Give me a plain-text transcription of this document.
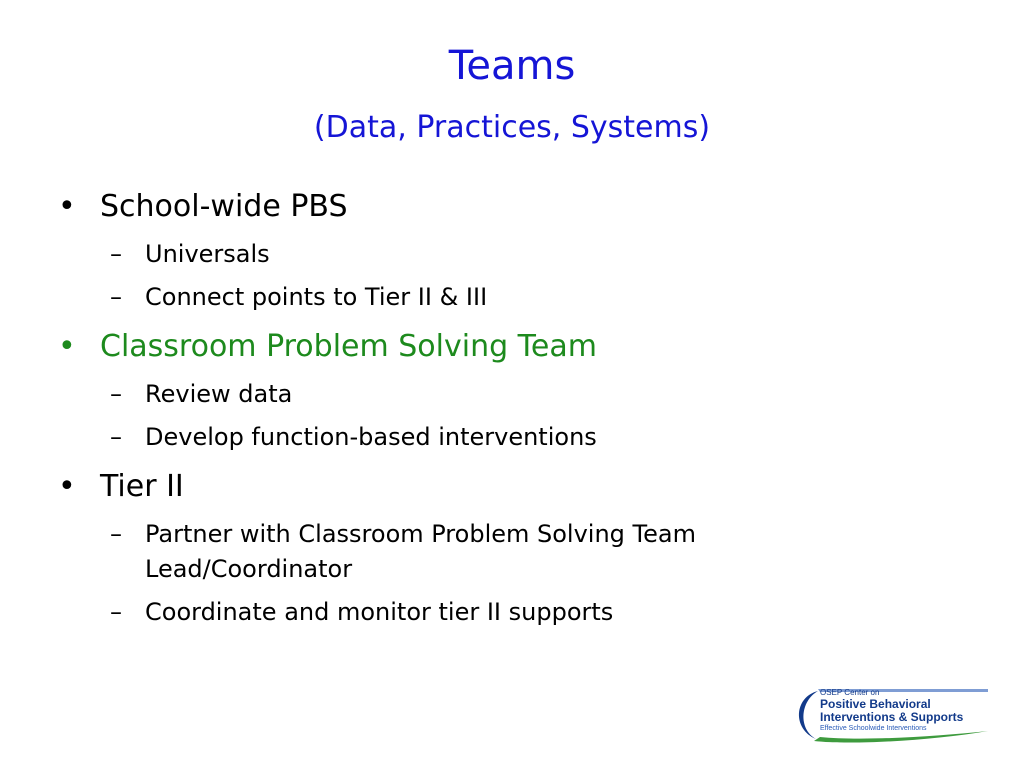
Teams
(Data, Practices, Systems)
• School-wide PBS
– Universals
– Connect points to Tier II & III
• Classroom Problem Solving Team
– Review data
– Develop function-based interventions
• Tier II
– Partner with Classroom Problem Solving Team Lead/Coordinator
– Coordinate and monitor tier II supports
OSEP Center on
Positive Behavioral
Interventions & Supports
Effective Schoolwide Interventions
